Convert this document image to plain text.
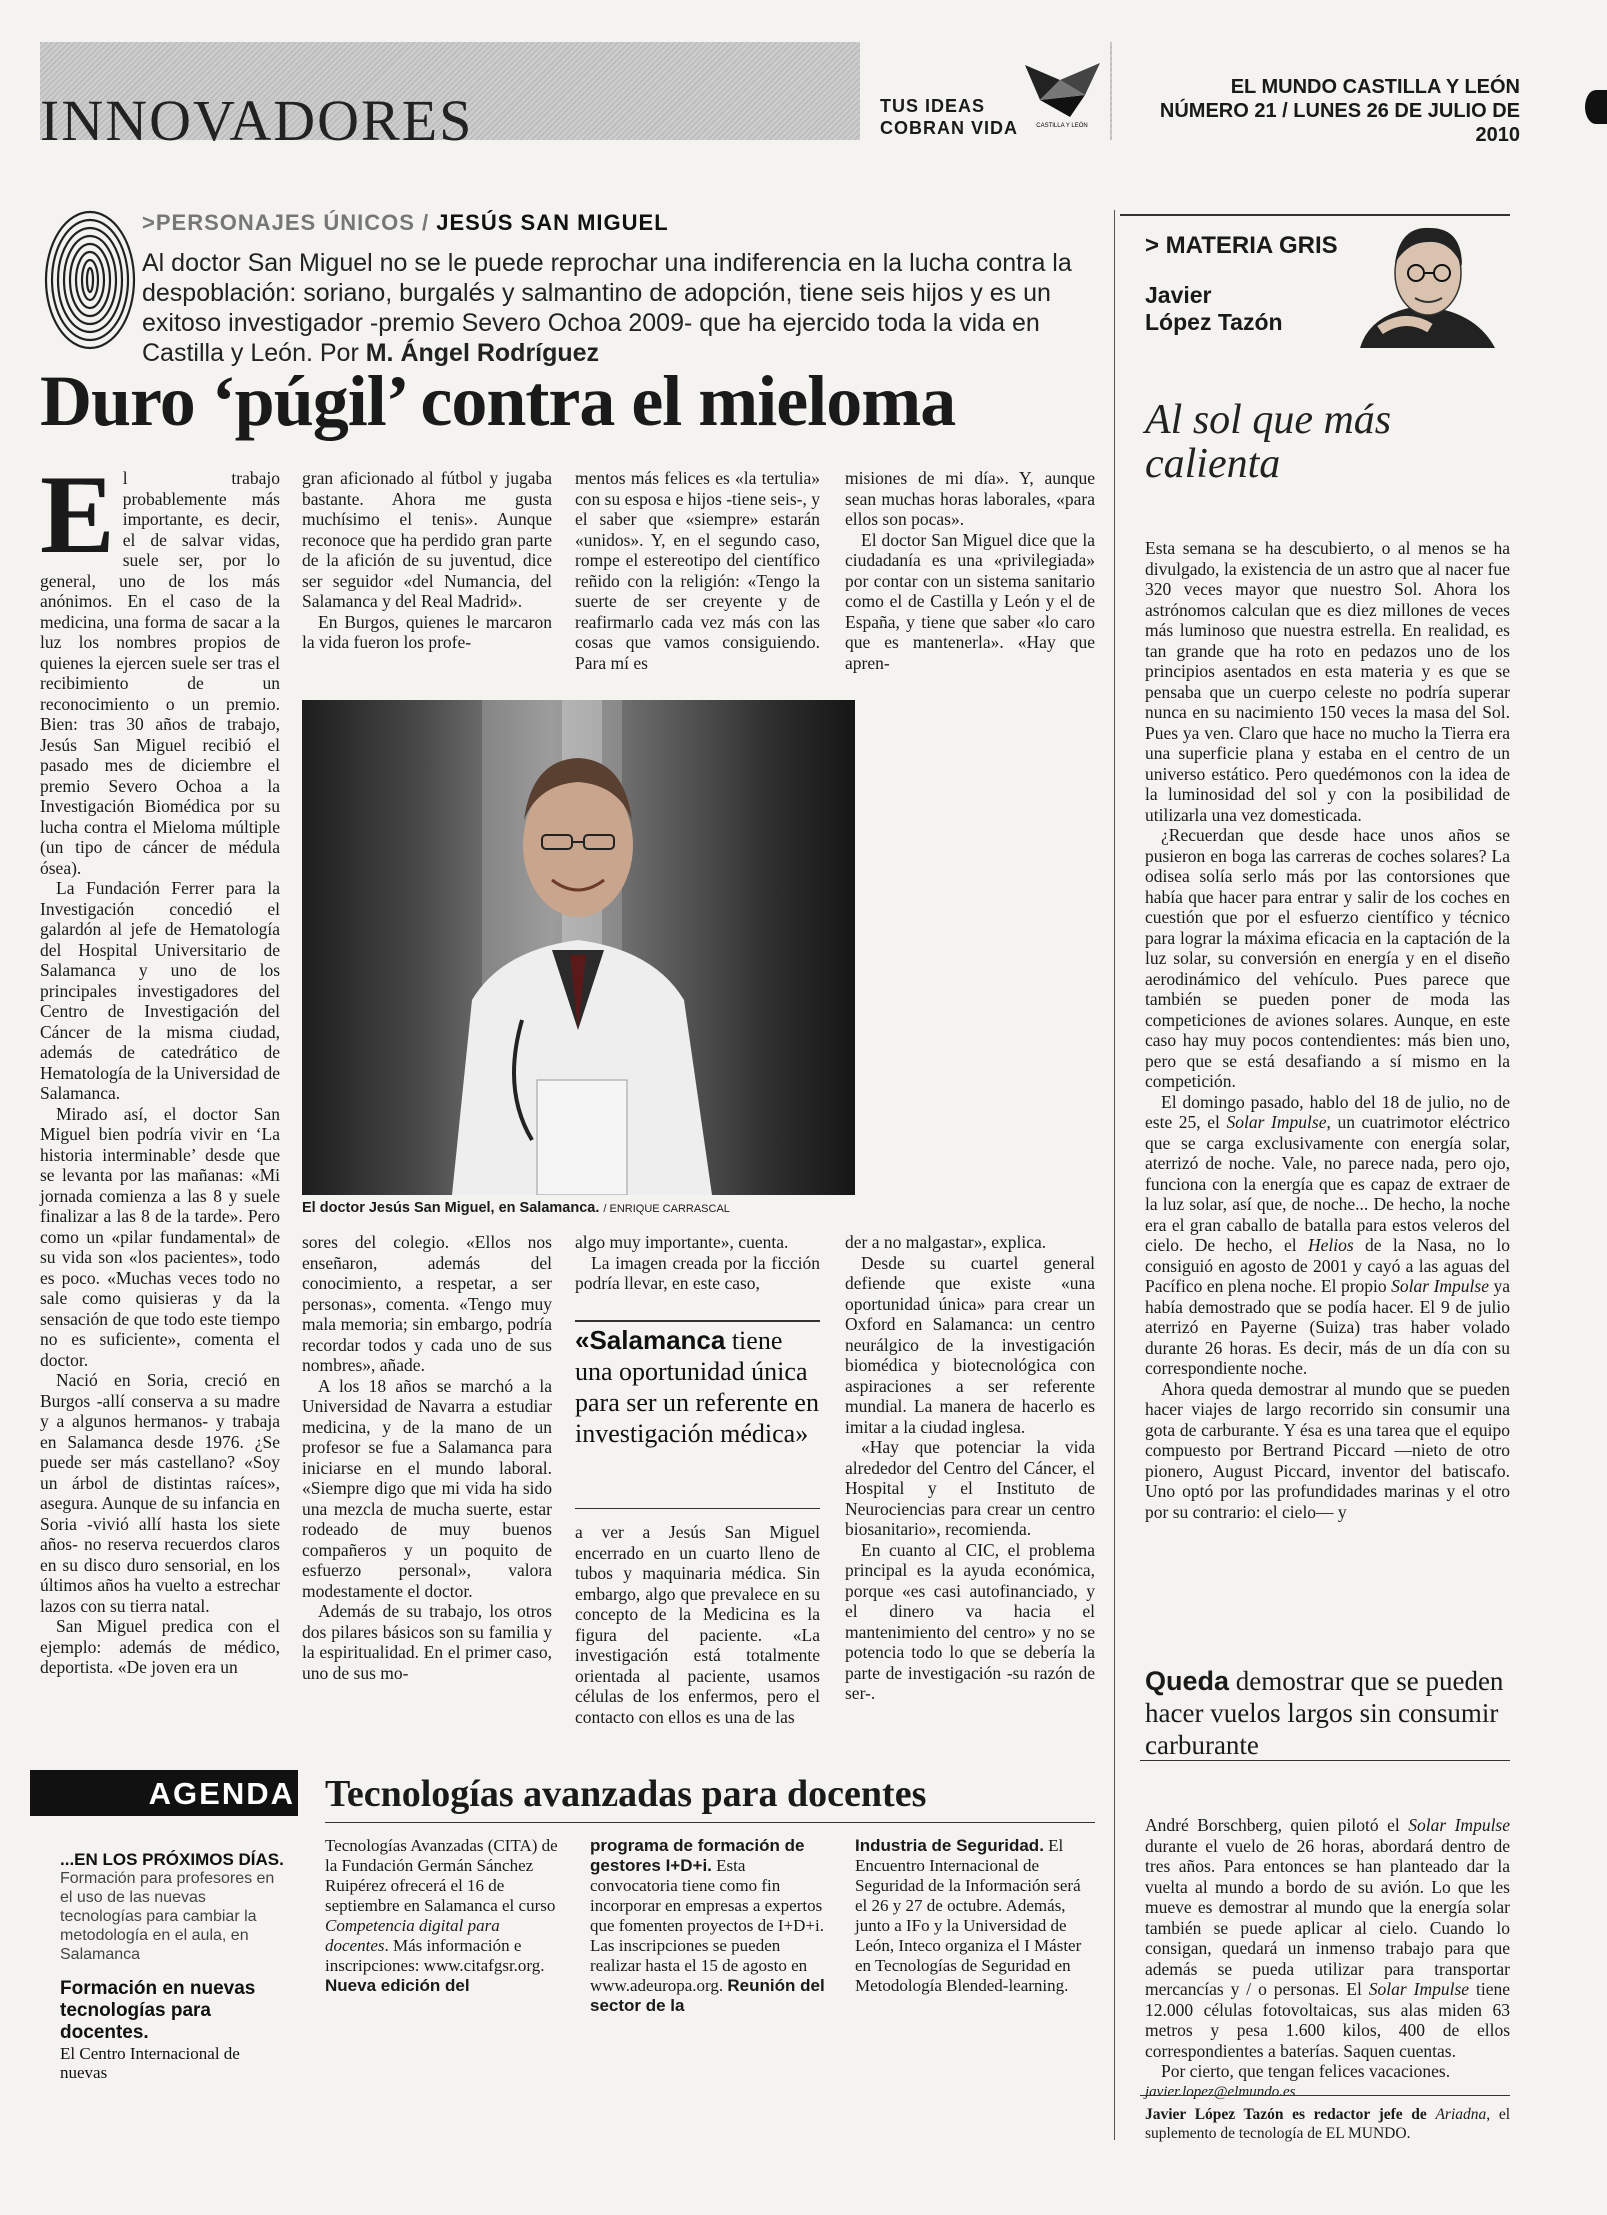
INNOVADORES	TUS IDEAS
COBRAN VIDA	CASTILLA Y LEÓN
EL MUNDO CASTILLA Y LEÓN
NÚMERO 21 / LUNES 26 DE JULIO DE 2010
>PERSONAJES ÚNICOS / JESÚS SAN MIGUEL
Al doctor San Miguel no se le puede reprochar una indiferencia en la lucha contra la despoblación: soriano, burgalés y salmantino de adopción, tiene seis hijos y es un exitoso investigador -premio Severo Ochoa 2009- que ha ejercido toda la vida en Castilla y León. Por M. Ángel Rodríguez
Duro ‘púgil’ contra el mieloma

El trabajo probablemente más importante, es decir, el de salvar vidas, suele ser, por lo general, uno de los más anónimos. En el caso de la medicina, una forma de sacar a la luz los nombres propios de quienes la ejercen suele ser tras el recibimiento de un reconocimiento o un premio. Bien: tras 30 años de trabajo, Jesús San Miguel recibió el pasado mes de diciembre el premio Severo Ochoa a la Investigación Biomédica por su lucha contra el Mieloma múltiple (un tipo de cáncer de médula ósea).

La Fundación Ferrer para la Investigación concedió el galardón al jefe de Hematología del Hospital Universitario de Salamanca y uno de los principales investigadores del Centro de Investigación del Cáncer de la misma ciudad, además de catedrático de Hematología de la Universidad de Salamanca.

Mirado así, el doctor San Miguel bien podría vivir en ‘La historia interminable’ desde que se levanta por las mañanas: «Mi jornada comienza a las 8 y suele finalizar a las 8 de la tarde». Pero como un «pilar fundamental» de su vida son «los pacientes», todo es poco. «Muchas veces todo no sale como quisieras y da la sensación de que todo este tiempo no es suficiente», comenta el doctor.

Nació en Soria, creció en Burgos -allí conserva a su madre y a algunos hermanos- y trabaja en Salamanca desde 1976. ¿Se puede ser más castellano? «Soy un árbol de distintas raíces», asegura. Aunque de su infancia en Soria -vivió allí hasta los siete años- no reserva recuerdos claros en su disco duro sensorial, en los últimos años ha vuelto a estrechar lazos con su tierra natal.

San Miguel predica con el ejemplo: además de médico, deportista. «De joven era un

gran aficionado al fútbol y jugaba bastante. Ahora me gusta muchísimo el tenis». Aunque reconoce que ha perdido gran parte de la afición de su juventud, dice ser seguidor «del Numancia, del Salamanca y del Real Madrid».

En Burgos, quienes le marcaron la vida fueron los profe-

mentos más felices es «la tertulia» con su esposa e hijos -tiene seis-, y el saber que «siempre» estarán «unidos». Y, en el segundo caso, rompe el estereotipo del científico reñido con la religión: «Tengo la suerte de ser creyente y de reafirmarlo cada vez más con las cosas que vamos consiguiendo. Para mí es

misiones de mi día». Y, aunque sean muchas horas laborales, «para ellos son pocas».

El doctor San Miguel dice que la ciudadanía es una «privilegiada» por contar con un sistema sanitario como el de Castilla y León y el de España, y tiene que saber «lo caro que es mantenerla». «Hay que apren-

El doctor Jesús San Miguel, en Salamanca. / ENRIQUE CARRASCAL

sores del colegio. «Ellos nos enseñaron, además del conocimiento, a respetar, a ser personas», comenta. «Tengo muy mala memoria; sin embargo, podría recordar todos y cada uno de sus nombres», añade.

A los 18 años se marchó a la Universidad de Navarra a estudiar medicina, y de la mano de un profesor se fue a Salamanca para iniciarse en el mundo laboral. «Siempre digo que mi vida ha sido una mezcla de mucha suerte, estar rodeado de muy buenos compañeros y un poquito de esfuerzo personal», valora modestamente el doctor.

Además de su trabajo, los otros dos pilares básicos son su familia y la espiritualidad. En el primer caso, uno de sus mo-

algo muy importante», cuenta.

La imagen creada por la ficción podría llevar, en este caso,

«Salamanca tiene una oportunidad única para ser un referente en investigación médica»

a ver a Jesús San Miguel encerrado en un cuarto lleno de tubos y maquinaria médica. Sin embargo, algo que prevalece en su concepto de la Medicina es la figura del paciente. «La investigación está totalmente orientada al paciente, usamos células de los enfermos, pero el contacto con ellos es una de las

der a no malgastar», explica.

Desde su cuartel general defiende que existe «una oportunidad única» para crear un Oxford en Salamanca: un centro neurálgico de la investigación biomédica y biotecnológica con aspiraciones a ser referente mundial. La manera de hacerlo es imitar a la ciudad inglesa.

«Hay que potenciar la vida alrededor del Centro del Cáncer, el Hospital y el Instituto de Neurociencias para crear un centro biosanitario», recomienda.

En cuanto al CIC, el problema principal es la ayuda económica, porque «es casi autofinanciado, y el dinero va hacia el mantenimiento del centro» y no se potencia todo lo que se debería la parte de investigación -su razón de ser-.

> MATERIA GRIS
Javier
López Tazón
Al sol que más calienta

Esta semana se ha descubierto, o al menos se ha divulgado, la existencia de un astro que al nacer fue 320 veces mayor que nuestro Sol. Ahora los astrónomos calculan que es diez millones de veces más luminoso que nuestra estrella. En realidad, es tan grande que ha roto en pedazos uno de los principios asentados en esta materia y es que se pensaba que un cuerpo celeste no podría superar nunca en su nacimiento 150 veces la masa del Sol. Pues ya ven. Claro que hace no mucho la Tierra era una superficie plana y estaba en el centro de un universo estático. Pero quedémonos con la idea de la luminosidad del sol y con la posibilidad de utilizarla una vez domesticada.

¿Recuerdan que desde hace unos años se pusieron en boga las carreras de coches solares? La odisea solía serlo más por las contorsiones que había que hacer para entrar y salir de los coches en cuestión que por el esfuerzo científico y técnico para lograr la máxima eficacia en la captación de la luz solar, su conversión en energía y en el diseño aerodinámico del vehículo. Pues parece que también se pueden poner de moda las competiciones de aviones solares. Aunque, en este caso hay muy pocos contendientes: más bien uno, pero que se está desafiando a sí mismo en la competición.

El domingo pasado, hablo del 18 de julio, no de este 25, el Solar Impulse, un cuatrimotor eléctrico que se carga exclusivamente con energía solar, aterrizó de noche. Vale, no parece nada, pero ojo, funciona con la energía que es capaz de extraer de la luz solar, así que, de noche... De hecho, la noche era el gran caballo de batalla para estos veleros del cielo. De hecho, el Helios de la Nasa, no lo consiguió en agosto de 2001 y cayó a las aguas del Pacífico en plena noche. El propio Solar Impulse ya había demostrado que se podía hacer. El 9 de julio aterrizó en Payerne (Suiza) tras haber volado durante 26 horas. Es decir, más de un día con su correspondiente noche.

Ahora queda demostrar al mundo que se pueden hacer viajes de largo recorrido sin consumir una gota de carburante. Y ésa es una tarea que el equipo compuesto por Bertrand Piccard —nieto de otro pionero, August Piccard, inventor del batiscafo. Uno optó por las profundidades marinas y el otro por su contrario: el cielo— y

Queda demostrar que se pueden hacer vuelos largos sin consumir carburante

André Borschberg, quien pilotó el Solar Impulse durante el vuelo de 26 horas, abordará dentro de tres años. Para entonces se han planteado dar la vuelta al mundo a bordo de su avión. Lo que les mueve es demostrar al mundo que la energía solar también se puede aplicar al cielo. Cuando lo consigan, quedará un inmenso trabajo para que además se pueda utilizar para transportar mercancías y / o personas. El Solar Impulse tiene 12.000 células fotovoltaicas, sus alas miden 63 metros y pesa 1.600 kilos, 400 de ellos correspondientes a baterías. Saquen cuentas.

Por cierto, que tengan felices vacaciones.

javier.lopez@elmundo.es

Javier López Tazón es redactor jefe de Ariadna, el suplemento de tecnología de EL MUNDO.

AGENDA Tecnologías avanzadas para docentes
...EN LOS PRÓXIMOS DÍAS.
Formación para profesores en el uso de las nuevas tecnologías para cambiar la metodología en el aula, en Salamanca
Formación en nuevas tecnologías para docentes.
El Centro Internacional de nuevas
Tecnologías Avanzadas (CITA) de la Fundación Germán Sánchez Ruipérez ofrecerá el 16 de septiembre en Salamanca el curso Competencia digital para docentes. Más información e inscripciones: www.citafgsr.org. Nueva edición del
programa de formación de gestores I+D+i. Esta convocatoria tiene como fin incorporar en empresas a expertos que fomenten proyectos de I+D+i. Las inscripciones se pueden realizar hasta el 15 de agosto en www.adeuropa.org. Reunión del sector de la
Industria de Seguridad. El Encuentro Internacional de Seguridad de la Información será el 26 y 27 de octubre. Además, junto a IFo y la Universidad de León, Inteco organiza el I Máster en Tecnologías de Seguridad en Metodología Blended-learning.
